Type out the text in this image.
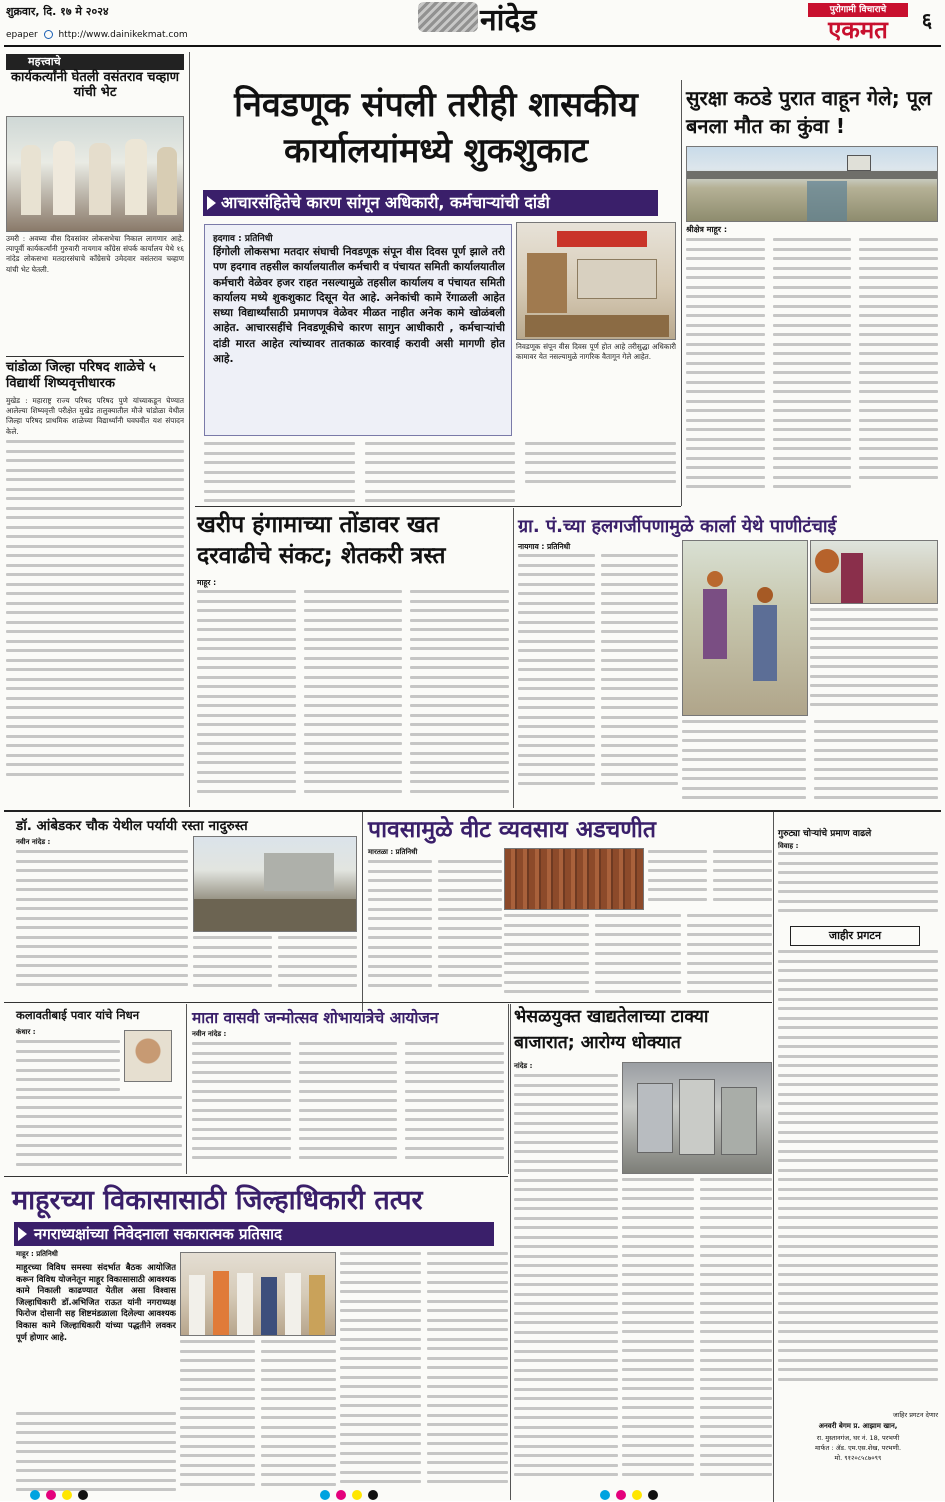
शुक्रवार, दि. १७ मे २०२४	नांदेड	पुरोगामी विचाराचे
एकमत	६
epaper http://www.dainikekmat.com
महत्त्वाचे
कार्यकर्त्यांनी घेतली वसंतराव चव्हाण यांची भेट
उमरी : अवघ्या वीस दिवसांवर लोकसभेचा निकाल लागणार आहे. त्यापूर्वी कार्यकर्त्यांनी गुरुवारी नायगाव काँग्रेस संपर्क कार्यालय येथे १६ नांदेड लोकसभा मतदारसंघाचे काँग्रेसचे उमेदवार वसंतराव चव्हाण यांची भेट घेतली.
चांडोळा जिल्हा परिषद शाळेचे ५ विद्यार्थी शिष्यवृत्तीधारक
मुखेड : महाराष्ट्र राज्य परिषद परिषद पुणे यांच्याकडून घेण्यात आलेल्या शिष्यवृत्ती परीक्षेत मुखेड तालुक्यातील मौजे चांडोळा येथील जिल्हा परिषद प्राथमिक शाळेच्या विद्यार्थ्यांनी घवघवीत यश संपादन केले.
निवडणूक संपली तरीही शासकीय कार्यालयांमध्ये शुकशुकाट
आचारसंहितेचे कारण सांगून अधिकारी, कर्मचाऱ्यांची दांडी
हदगाव : प्रतिनिधी
हिंगोली लोकसभा मतदार संघाची निवडणूक संपून वीस दिवस पूर्ण झाले तरी पण हदगाव तहसील कार्यालयातील कर्मचारी व पंचायत समिती कार्यालयातील कर्मचारी वेळेवर हजर राहत नसल्यामुळे तहसील कार्यालय व पंचायत समिती कार्यालय मध्ये शुकशुकाट दिसून येत आहे. अनेकांची कामे रेंगाळली आहेत सध्या विद्यार्थ्यांसाठी प्रमाणपत्र वेळेवर मीळत नाहीत अनेक कामे खोळंबली आहेत. आचारसहींचे निवडणूकीचे कारण सागुन आधीकारी , कर्मचाऱ्यांची दांडी मारत आहेत त्यांच्यावर तातकाळ कारवाई करावी असी मागणी होत आहे.
निवडणूक संपून वीस दिवस पूर्ण होत आहे तरीसुद्धा अधिकारी कामावर येत नसल्यामुळे नागरिक वैतागून गेले आहेत.
सुरक्षा कठडे पुरात वाहून गेले; पूल बनला मौत का कुंवा !
श्रीक्षेत्र माहूर :
खरीप हंगामाच्या तोंडावर खत दरवाढीचे संकट; शेतकरी त्रस्त
माहूर :
ग्रा. पं.च्या हलगर्जीपणामुळे कार्ला येथे पाणीटंचाई
नायगाव : प्रतिनिधी
डॉ. आंबेडकर चौक येथील पर्यायी रस्ता नादुरुस्त
नवीन नांदेड :	पावसामुळे वीट व्यवसाय अडचणीत
मारतळा : प्रतिनिधी
गुरुट्या चोऱ्यांचे प्रमाण वाढले
विवाह :
जाहीर प्रगटन
जाहिर प्रगटन देणार
अनवरी बेगम प्र. आझाम खान,
रा. मुस्तानगंज, घर नं. 18, परभणी
मार्फत : ॲड. एम.एस.शेख, परभणी.
मो. ९१२०८५८७०९९
कलावतीबाई पवार यांचे निधन
कंधार :
माता वासवी जन्मोत्सव शोभायात्रेचे आयोजन
नवीन नांदेड :
भेसळयुक्त खाद्यतेलाच्या टाक्या बाजारात; आरोग्य धोक्यात
नांदेड :
माहूरच्या विकासासाठी जिल्हाधिकारी तत्पर
नगराध्यक्षांच्या निवेदनाला सकारात्मक प्रतिसाद
माहूर : प्रतिनिधी
माहूरच्या विविध समस्या संदर्भात बैठक आयोजित करून विविध योजनेतून माहूर विकासासाठी आवश्यक कामे निकाली काढण्यात येतील असा विश्वास जिल्हाधिकारी डॉ.अभिजित राऊत यांनी नगराध्यक्ष फिरोज दोसानी सह शिष्टमंडळाला दिलेल्या आवश्यक विकास कामे जिल्हाधिकारी यांच्या पद्धतीने लवकर पूर्ण होणार आहे.
